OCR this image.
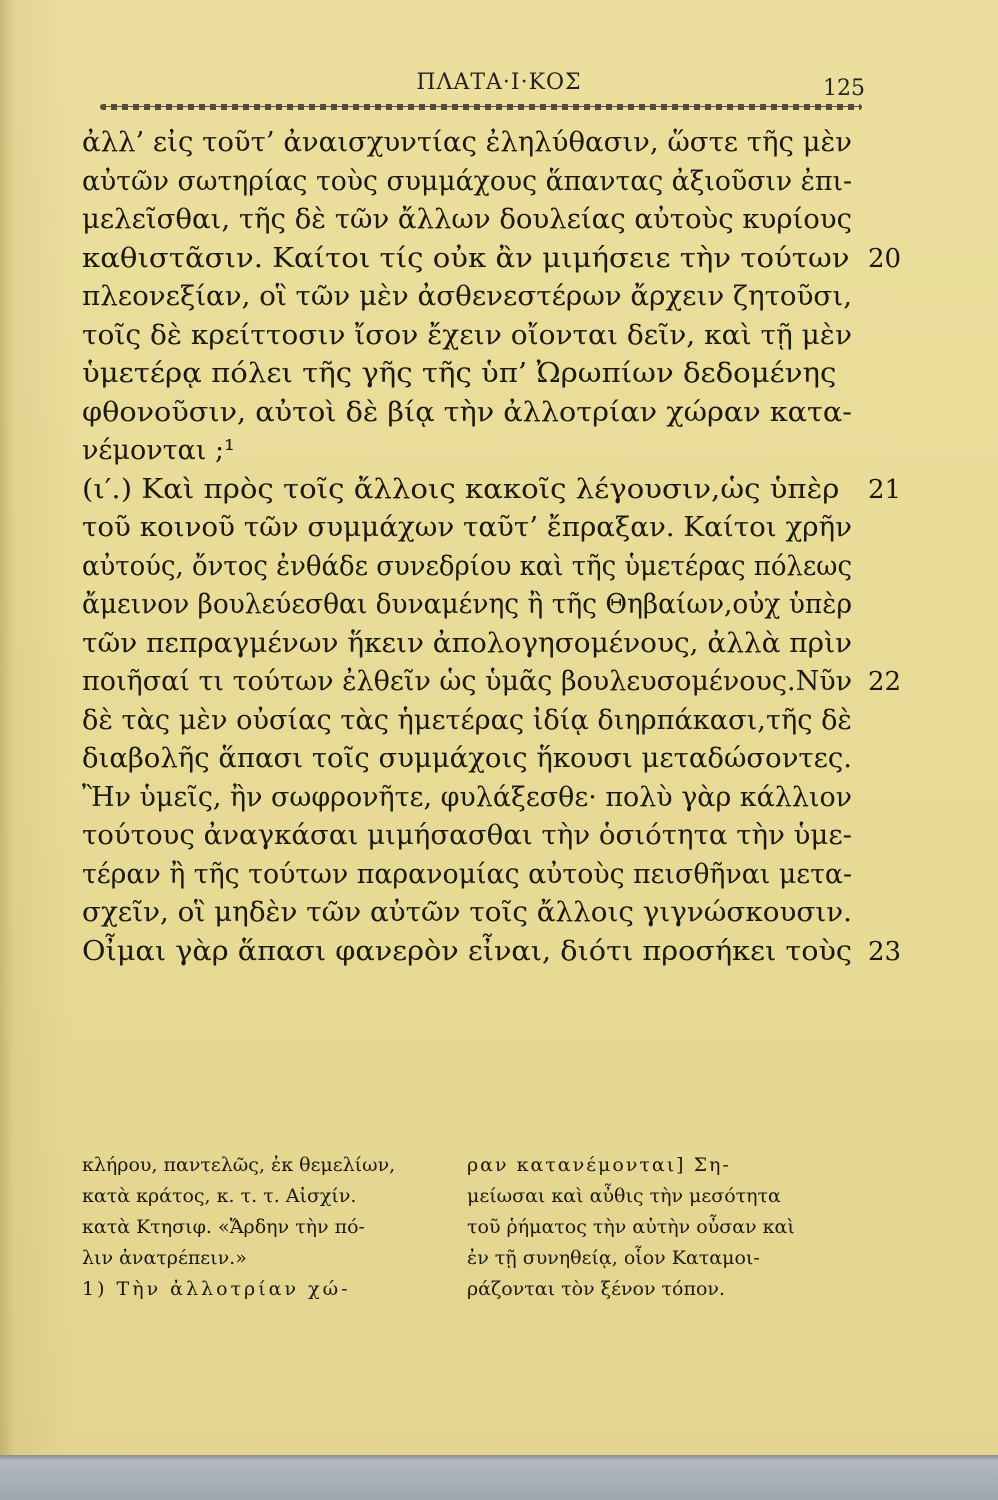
ΠΛΑΤΑ·Ι·ΚΟΣ	125
ἀλλ’ εἰς τοῦτ’ ἀναισχυντίας ἐληλύθασιν, ὥστε τῆς μὲν
αὐτῶν σωτηρίας τοὺς συμμάχους ἅπαντας ἀξιοῦσιν ἐπι-
μελεῖσθαι, τῆς δὲ τῶν ἄλλων δουλείας αὐτοὺς κυρίους
καθιστᾶσιν. Καίτοι τίς οὐκ ἂν μιμήσειε τὴν τούτων 20
πλεονεξίαν, οἳ τῶν μὲν ἀσθενεστέρων ἄρχειν ζητοῦσι,
τοῖς δὲ κρείττοσιν ἴσον ἔχειν οἴονται δεῖν, καὶ τῇ μὲν
ὑμετέρᾳ πόλει τῆς γῆς τῆς ὑπ’ Ὠρωπίων δεδομένης
φθονοῦσιν, αὐτοὶ δὲ βίᾳ τὴν ἀλλοτρίαν χώραν κατα-
νέμονται ;¹
(ι′.) Καὶ πρὸς τοῖς ἄλλοις κακοῖς λέγουσιν,ὡς ὑπὲρ 21
τοῦ κοινοῦ τῶν συμμάχων ταῦτ’ ἔπραξαν. Καίτοι χρῆν
αὐτούς, ὄντος ἐνθάδε συνεδρίου καὶ τῆς ὑμετέρας πόλεως
ἄμεινον βουλεύεσθαι δυναμένης ἢ τῆς Θηβαίων,οὐχ ὑπὲρ
τῶν πεπραγμένων ἥκειν ἀπολογησομένους, ἀλλὰ πρὶν
ποιῆσαί τι τούτων ἐλθεῖν ὡς ὑμᾶς βουλευσομένους.Νῦν 22
δὲ τὰς μὲν οὐσίας τὰς ἡμετέρας ἰδίᾳ διηρπάκασι,τῆς δὲ
διαβολῆς ἅπασι τοῖς συμμάχοις ἥκουσι μεταδώσοντες.
Ἢν ὑμεῖς, ἢν σωφρονῆτε, φυλάξεσθε· πολὺ γὰρ κάλλιον
τούτους ἀναγκάσαι μιμήσασθαι τὴν ὁσιότητα τὴν ὑμε-
τέραν ἢ τῆς τούτων παρανομίας αὐτοὺς πεισθῆναι μετα-
σχεῖν, οἳ μηδὲν τῶν αὐτῶν τοῖς ἄλλοις γιγνώσκουσιν.
Οἶμαι γὰρ ἅπασι φανερὸν εἶναι, διότι προσήκει τοὺς 23
κλήρου, παντελῶς, ἐκ θεμελίων,
κατὰ κράτος, κ. τ. τ. Αἰσχίν.
κατὰ Κτησιφ. «Ἄρδην τὴν πό-
λιν ἀνατρέπειν.»
1) Τὴν ἀλλοτρίαν χώ-
ραν κατανέμονται] Ση-
μείωσαι καὶ αὖθις τὴν μεσότητα
τοῦ ῥήματος τὴν αὐτὴν οὖσαν καὶ
ἐν τῇ συνηθείᾳ, οἷον Καταμοι-
ράζονται τὸν ξένον τόπον.
